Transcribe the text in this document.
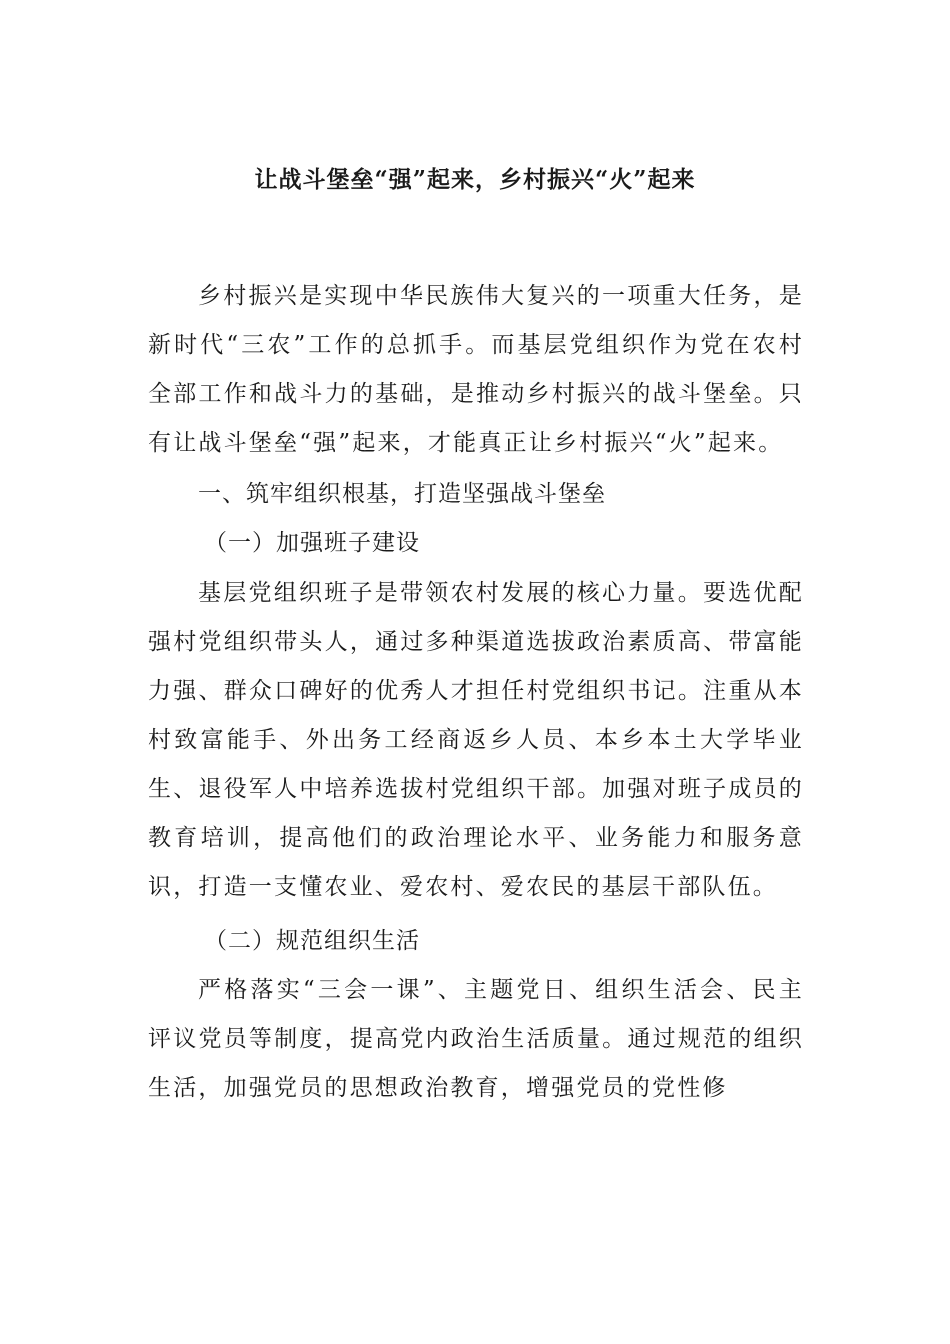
让战斗堡垒“强”起来，乡村振兴“火”起来

乡村振兴是实现中华民族伟大复兴的一项重大任务，是新时代“三农”工作的总抓手。而基层党组织作为党在农村全部工作和战斗力的基础，是推动乡村振兴的战斗堡垒。只有让战斗堡垒“强”起来，才能真正让乡村振兴“火”起来。

一、筑牢组织根基，打造坚强战斗堡垒

（一）加强班子建设

基层党组织班子是带领农村发展的核心力量。要选优配强村党组织带头人，通过多种渠道选拔政治素质高、带富能力强、群众口碑好的优秀人才担任村党组织书记。注重从本村致富能手、外出务工经商返乡人员、本乡本土大学毕业生、退役军人中培养选拔村党组织干部。加强对班子成员的教育培训，提高他们的政治理论水平、业务能力和服务意识，打造一支懂农业、爱农村、爱农民的基层干部队伍。

（二）规范组织生活

严格落实“三会一课”、主题党日、组织生活会、民主评议党员等制度，提高党内政治生活质量。通过规范的组织生活，加强党员的思想政治教育，增强党员的党性修
